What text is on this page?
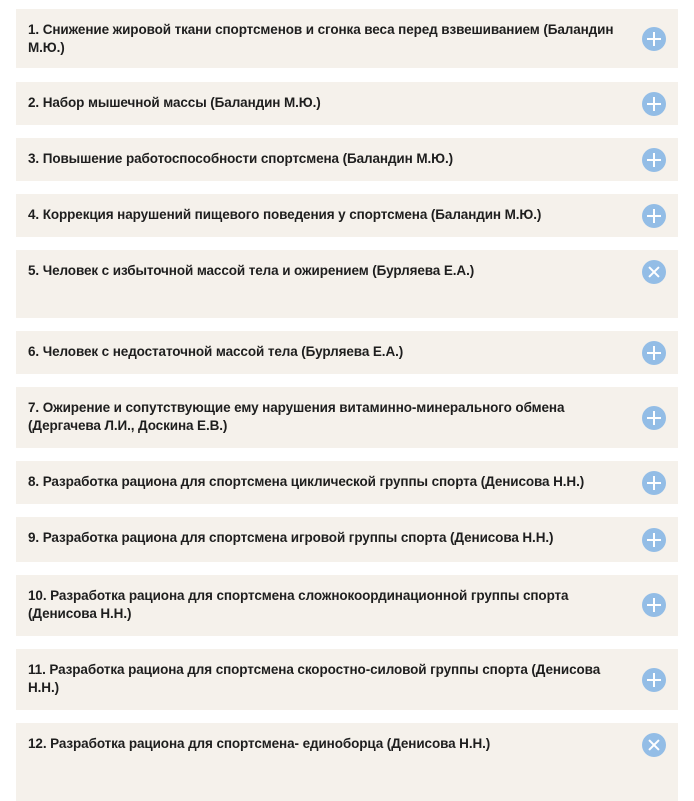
1. Снижение жировой ткани спортсменов и сгонка веса перед взвешиванием (Баландин М.Ю.)
2. Набор мышечной массы (Баландин М.Ю.)
3. Повышение работоспособности спортсмена (Баландин М.Ю.)
4. Коррекция нарушений пищевого поведения у спортсмена (Баландин М.Ю.)
5. Человек с избыточной массой тела и ожирением (Бурляева Е.А.)
6. Человек с недостаточной массой тела (Бурляева Е.А.)
7. Ожирение и сопутствующие ему нарушения витаминно-минерального обмена (Дергачева Л.И., Доскина Е.В.)
8. Разработка рациона для спортсмена циклической группы спорта (Денисова Н.Н.)
9. Разработка рациона для спортсмена игровой группы спорта (Денисова Н.Н.)
10. Разработка рациона для спортсмена сложнокоординационной группы спорта (Денисова Н.Н.)
11. Разработка рациона для спортсмена скоростно-силовой группы спорта (Денисова Н.Н.)
12. Разработка рациона для спортсмена- единоборца (Денисова Н.Н.)
